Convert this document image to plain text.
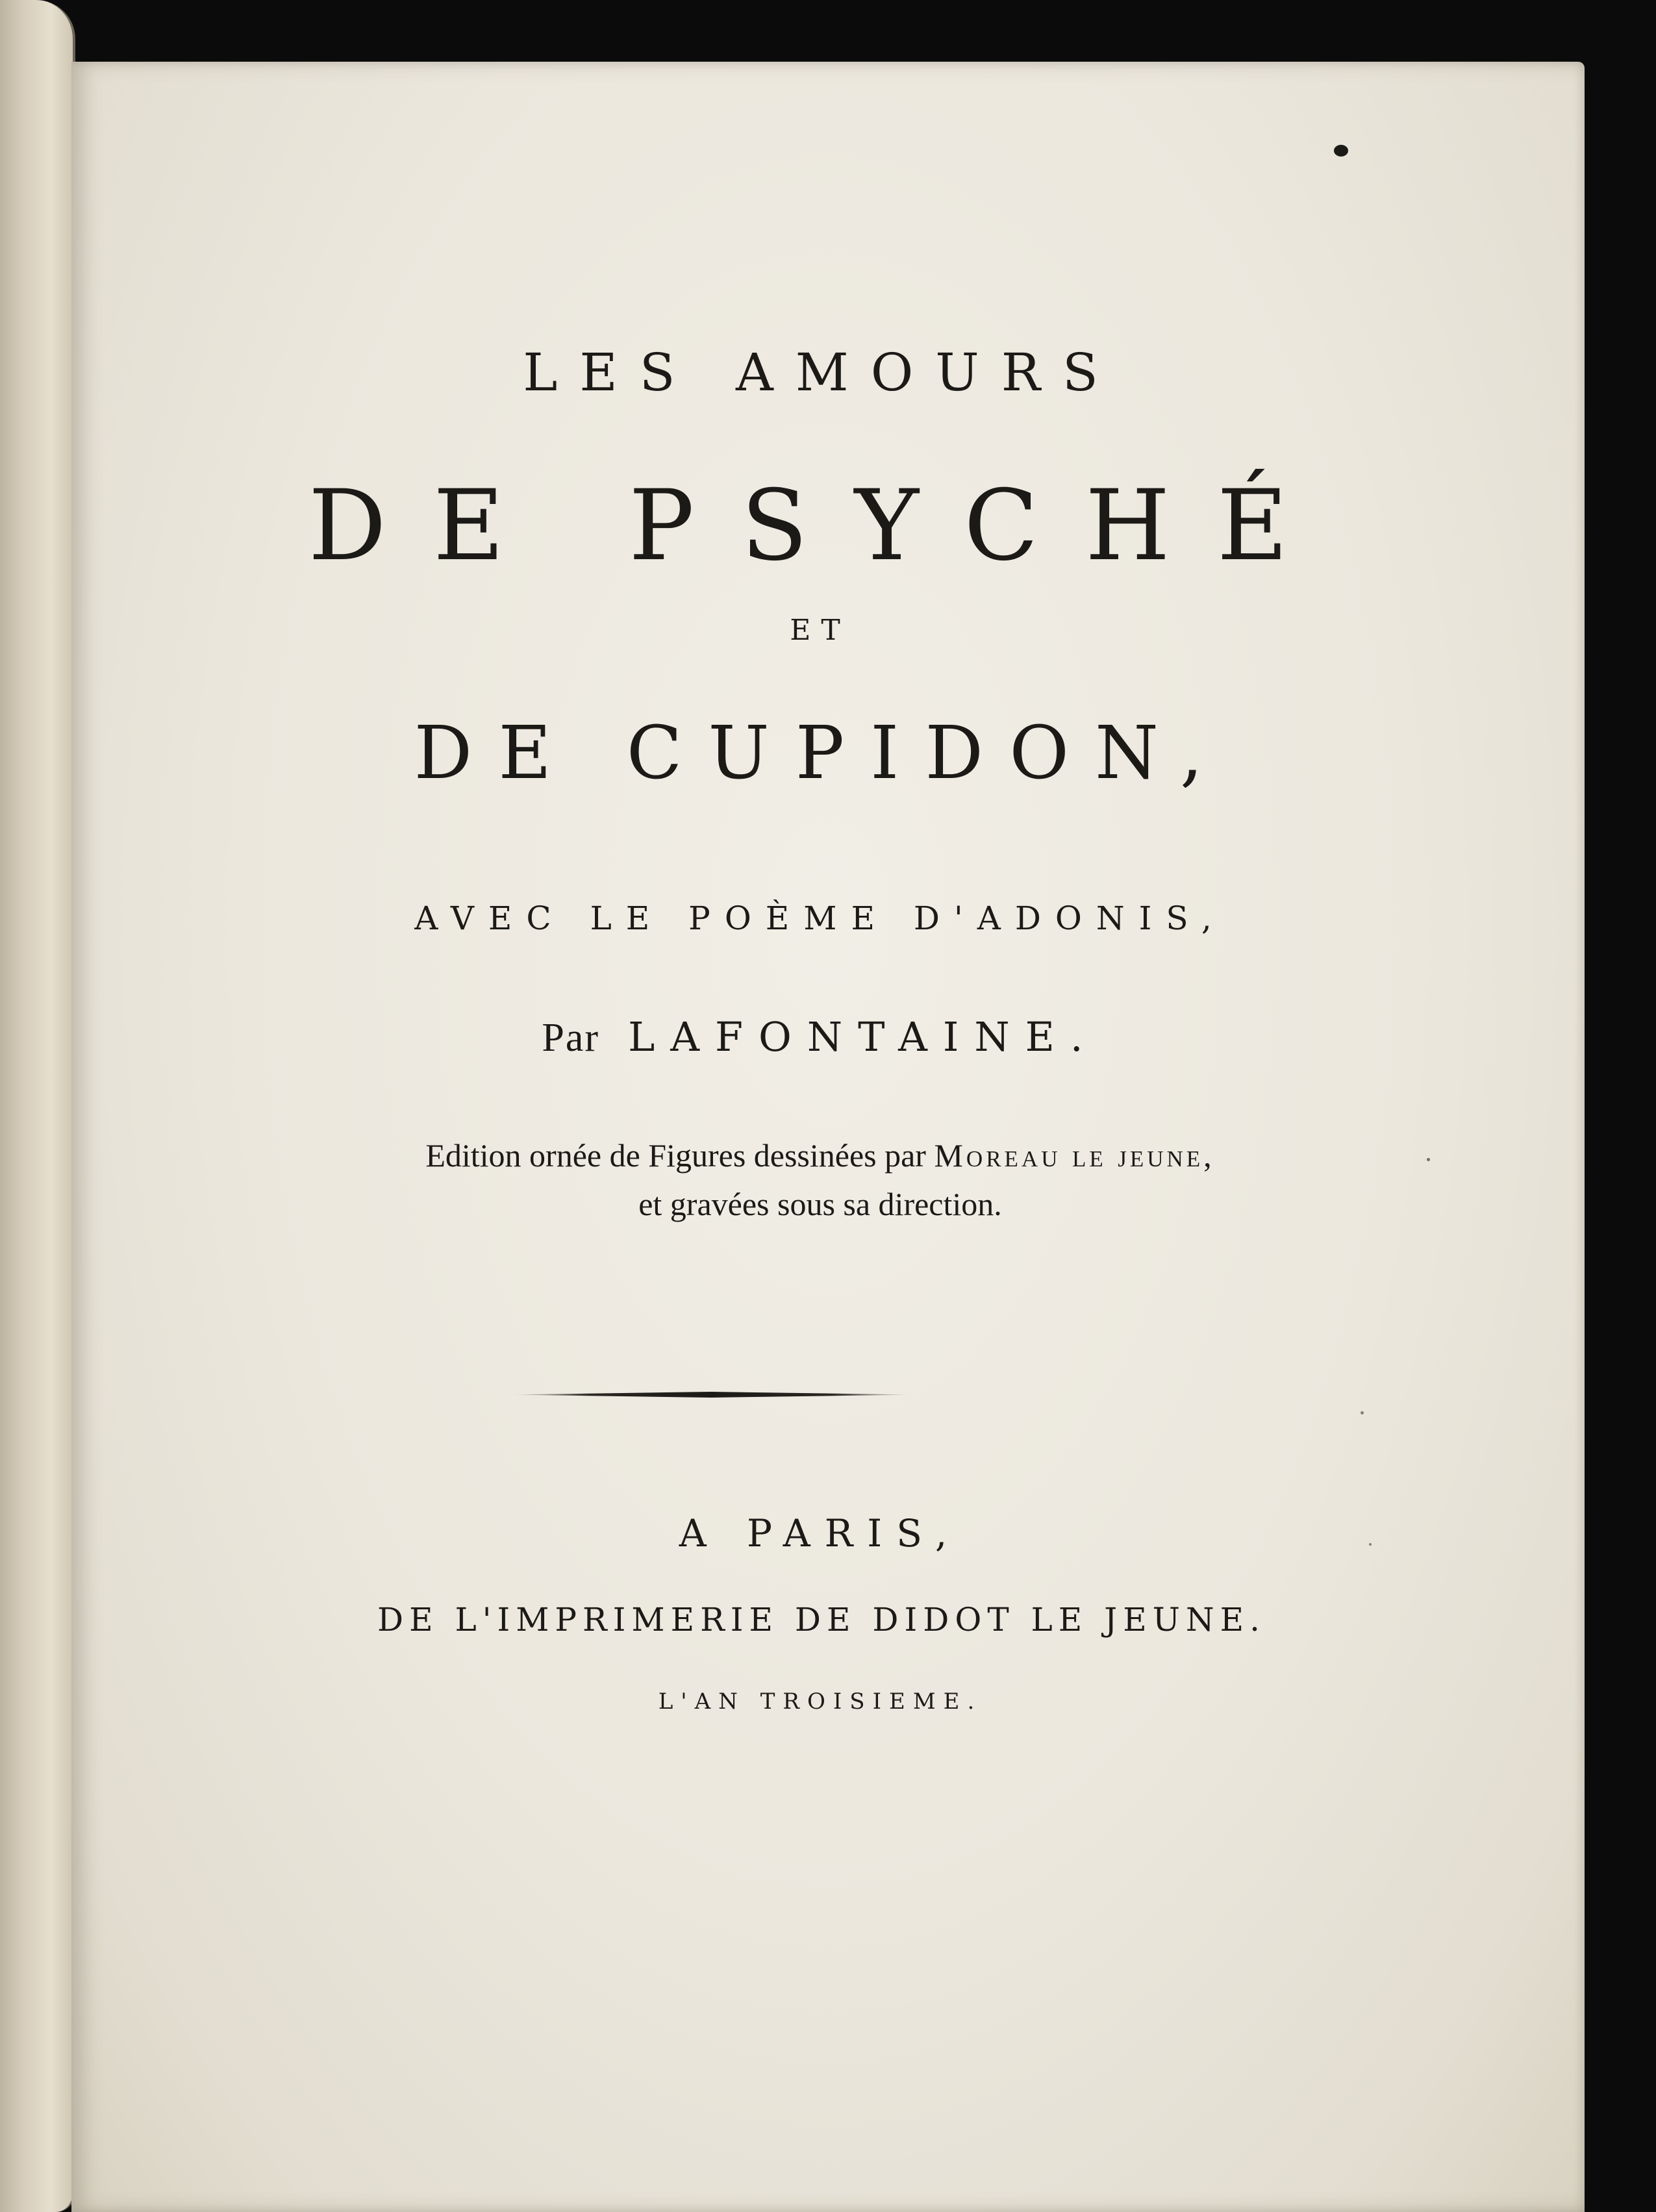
LES AMOURS
DE PSYCHÉ
ET
DE CUPIDON,
AVEC LE POÈME D'ADONIS,
Par LAFONTAINE.
Edition ornée de Figures dessinées par Moreau le jeune,
et gravées sous sa direction.
A PARIS,
DE L'IMPRIMERIE DE DIDOT LE JEUNE.
L'AN TROISIEME.
